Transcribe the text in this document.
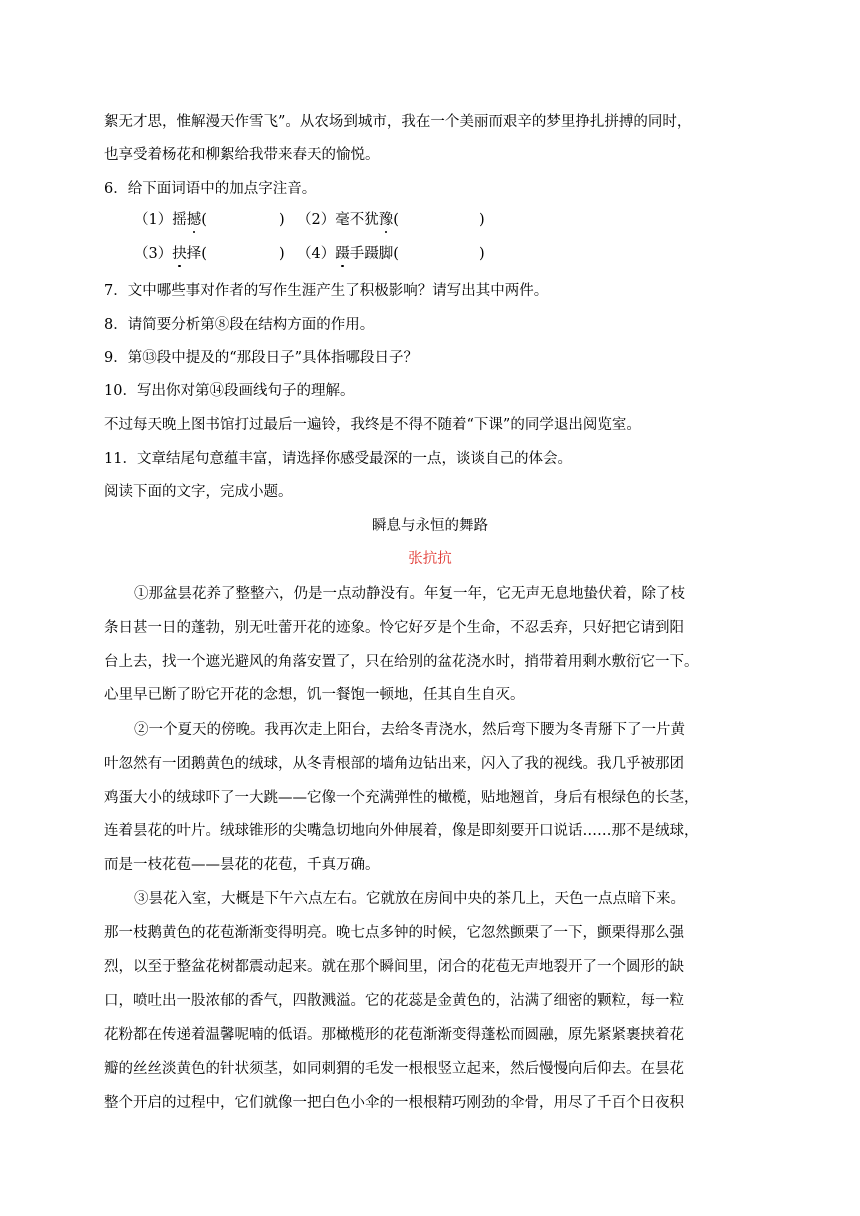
絮无才思，惟解漫天作雪飞”。从农场到城市，我在一个美丽而艰辛的梦里挣扎拼搏的同时，
也享受着杨花和柳絮给我带来春天的愉悦。
6．给下面词语中的加点字注音。
（1）摇撼(	) （2）毫不犹豫(	)
（3）抉择(	) （4）蹑手蹑脚(	)
7．文中哪些事对作者的写作生涯产生了积极影响？请写出其中两件。
8．请简要分析第⑧段在结构方面的作用。
9．第⑬段中提及的“那段日子”具体指哪段日子？
10．写出你对第⑭段画线句子的理解。
不过每天晚上图书馆打过最后一遍铃，我终是不得不随着“下课”的同学退出阅览室。
11．文章结尾句意蕴丰富，请选择你感受最深的一点，谈谈自己的体会。
阅读下面的文字，完成小题。
瞬息与永恒的舞路
张抗抗
①那盆昙花养了整整六，仍是一点动静没有。年复一年，它无声无息地蛰伏着，除了枝
条日甚一日的蓬勃，别无吐蕾开花的迹象。怜它好歹是个生命，不忍丢弃，只好把它请到阳
台上去，找一个遮光避风的角落安置了，只在给别的盆花浇水时，捎带着用剩水敷衍它一下。
心里早已断了盼它开花的念想，饥一餐饱一顿地，任其自生自灭。
②一个夏天的傍晚。我再次走上阳台，去给冬青浇水，然后弯下腰为冬青掰下了一片黄
叶忽然有一团鹅黄色的绒球，从冬青根部的墙角边钻出来，闪入了我的视线。我几乎被那团
鸡蛋大小的绒球吓了一大跳——它像一个充满弹性的橄榄，贴地翘首，身后有根绿色的长茎，
连着昙花的叶片。绒球锥形的尖嘴急切地向外伸展着，像是即刻要开口说话……那不是绒球，
而是一枝花苞——昙花的花苞，千真万确。
③昙花入室，大概是下午六点左右。它就放在房间中央的茶几上，天色一点点暗下来。
那一枝鹅黄色的花苞渐渐变得明亮。晚七点多钟的时候，它忽然颤栗了一下，颤栗得那么强
烈，以至于整盆花树都震动起来。就在那个瞬间里，闭合的花苞无声地裂开了一个圆形的缺
口，喷吐出一股浓郁的香气，四散溅溢。它的花蕊是金黄色的，沾满了细密的颗粒，每一粒
花粉都在传递着温馨呢喃的低语。那橄榄形的花苞渐渐变得蓬松而圆融，原先紧紧裹挟着花
瓣的丝丝淡黄色的针状须茎，如同刺猬的毛发一根根竖立起来，然后慢慢向后仰去。在昙花
整个开启的过程中，它们就像一把白色小伞的一根根精巧刚劲的伞骨，用尽了千百个日夜积
